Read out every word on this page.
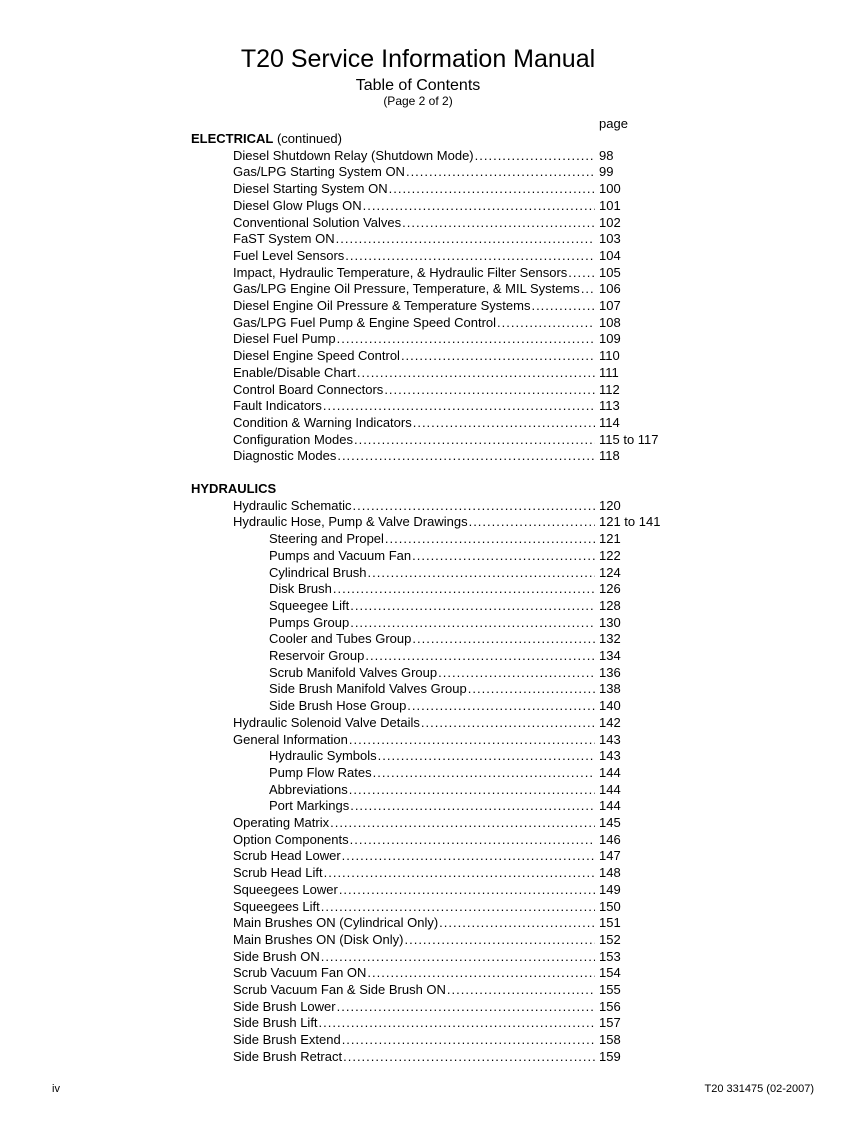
T20 Service Information Manual
Table of Contents
(Page 2 of 2)
page
ELECTRICAL (continued)
Diesel Shutdown Relay (Shutdown Mode) .....	98
Gas/LPG Starting System ON .....	99
Diesel Starting System ON .....	100
Diesel Glow Plugs ON .....	101
Conventional Solution Valves .....	102
FaST System ON .....	103
Fuel Level Sensors .....	104
Impact, Hydraulic Temperature, & Hydraulic Filter Sensors ..... 105
Gas/LPG Engine Oil Pressure, Temperature, & MIL Systems ..... 106
Diesel Engine Oil Pressure & Temperature Systems .....	107
Gas/LPG Fuel Pump & Engine Speed Control .....	108
Diesel Fuel Pump .....	109
Diesel Engine Speed Control .....	110
Enable/Disable Chart .....	111
Control Board Connectors .....	112
Fault Indicators .....	113
Condition & Warning Indicators .....	114
Configuration Modes .....	115 to 117
Diagnostic Modes .....	118
HYDRAULICS
Hydraulic Schematic .....	120
Hydraulic Hose, Pump & Valve Drawings .....	121 to 141
Steering and Propel .....	121
Pumps and Vacuum Fan .....	122
Cylindrical Brush .....	124
Disk Brush .....	126
Squeegee Lift .....	128
Pumps Group .....	130
Cooler and Tubes Group .....	132
Reservoir Group .....	134
Scrub Manifold Valves Group .....	136
Side Brush Manifold Valves Group .....	138
Side Brush Hose Group .....	140
Hydraulic Solenoid Valve Details .....	142
General Information .....	143
Hydraulic Symbols .....	143
Pump Flow Rates .....	144
Abbreviations .....	144
Port Markings .....	144
Operating Matrix .....	145
Option Components .....	146
Scrub Head Lower .....	147
Scrub Head Lift .....	148
Squeegees Lower .....	149
Squeegees Lift .....	150
Main Brushes ON (Cylindrical Only) .....	151
Main Brushes ON (Disk Only) .....	152
Side Brush ON .....	153
Scrub Vacuum Fan ON .....	154
Scrub Vacuum Fan & Side Brush ON .....	155
Side Brush Lower .....	156
Side Brush Lift .....	157
Side Brush Extend .....	158
Side Brush Retract .....	159
iv	T20 331475 (02-2007)
